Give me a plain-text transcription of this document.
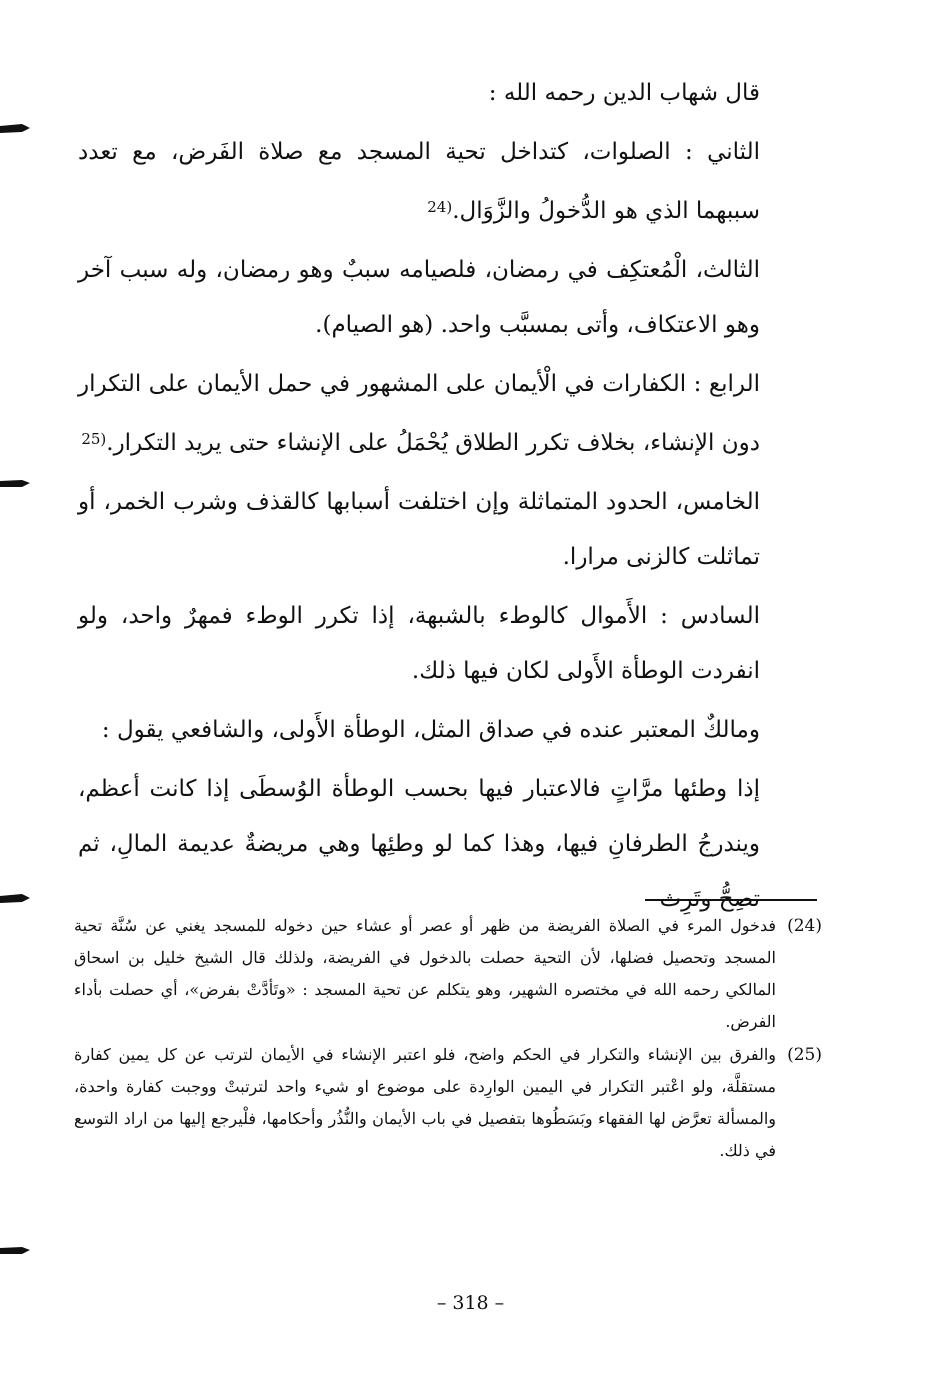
قال شهاب الدين رحمه الله :

الثاني : الصلوات، كتداخل تحية المسجد مع صلاة الفَرض، مع تعدد سببهما الذي هو الدُّخولُ والزَّوَال.$^{(24}$

الثالث، الْمُعتكِف في رمضان، فلصيامه سببٌ وهو رمضان، وله سبب آخر وهو الاعتكاف، وأتى بمسبَّب واحد. (هو الصيام).

الرابع : الكفارات في الْأيمان على المشهور في حمل الأيمان على التكرار دون الإنشاء، بخلاف تكرر الطلاق يُحْمَلُ على الإنشاء حتى يريد التكرار.$^{(25}$

الخامس، الحدود المتماثلة وإن اختلفت أسبابها كالقذف وشرب الخمر، أو تماثلت كالزنى مرارا.

السادس : الأَموال كالوطء بالشبهة، إذا تكرر الوطء فمهرٌ واحد، ولو انفردت الوطأة الأَولى لكان فيها ذلك.

ومالكٌ المعتبر عنده في صداق المثل، الوطأة الأَولى، والشافعي يقول :

إذا وطئها مرَّاتٍ فالاعتبار فيها بحسب الوطأة الوُسطَى إذا كانت أعظم، ويندرجُ الطرفانِ فيها، وهذا كما لو وطئِها وهي مريضةٌ عديمة المالِ، ثم تصِحُّ وتَرِث

(24)
فدخول المرء في الصلاة الفريضة من ظهر أو عصر أو عشاء حين دخوله للمسجد يغني عن سُنَّة تحية المسجد وتحصيل فضلها، لأن التحية حصلت بالدخول في الفريضة، ولذلك قال الشيخ خليل بن اسحاق المالكي رحمه الله في مختصره الشهير، وهو يتكلم عن تحية المسجد : «وتَأدَّتْ بفرض»، أي حصلت بأداء الفرض.
(25)
والفرق بين الإنشاء والتكرار في الحكم واضح، فلو اعتبر الإنشاء في الأيمان لترتب عن كل يمين كفارة مستقلَّة، ولو اعْتبر التكرار في اليمين الوارِدة على موضوع او شيء واحد لترتبتْ ووجبت كفارة واحدة، والمسألة تعرَّض لها الفقهاء وبَسَطُوها بتفصيل في باب الأيمان والنُّذُر وأحكامها، فلْيرجع إليها من اراد التوسع في ذلك.
– 318 –
